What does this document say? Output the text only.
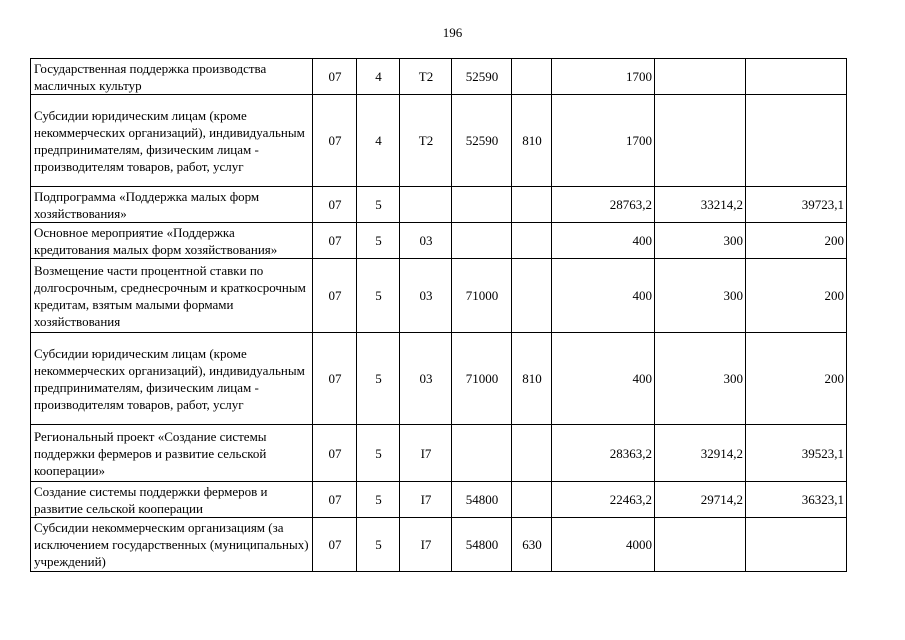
196
Государственная поддержка производства масличных культур	07	4	Т2	52590		1700		
Субсидии юридическим лицам (кроме некоммерческих организаций), индивидуальным предпринимателям, физическим лицам - производителям товаров, работ, услуг	07	4	Т2	52590	810	1700		
Подпрограмма «Поддержка малых форм хозяйствования»	07	5				28763,2	33214,2	39723,1
Основное мероприятие «Поддержка кредитования малых форм хозяйствования»	07	5	03			400	300	200
Возмещение части процентной ставки по долгосрочным, среднесрочным и краткосрочным кредитам, взятым малыми формами хозяйствования	07	5	03	71000		400	300	200
Субсидии юридическим лицам (кроме некоммерческих организаций), индивидуальным предпринимателям, физическим лицам - производителям товаров, работ, услуг	07	5	03	71000	810	400	300	200
Региональный проект «Создание системы поддержки фермеров и развитие сельской кооперации»	07	5	I7			28363,2	32914,2	39523,1
Создание системы поддержки фермеров и развитие сельской кооперации	07	5	I7	54800		22463,2	29714,2	36323,1
Субсидии некоммерческим организациям (за исключением государственных (муниципальных) учреждений)	07	5	I7	54800	630	4000		
